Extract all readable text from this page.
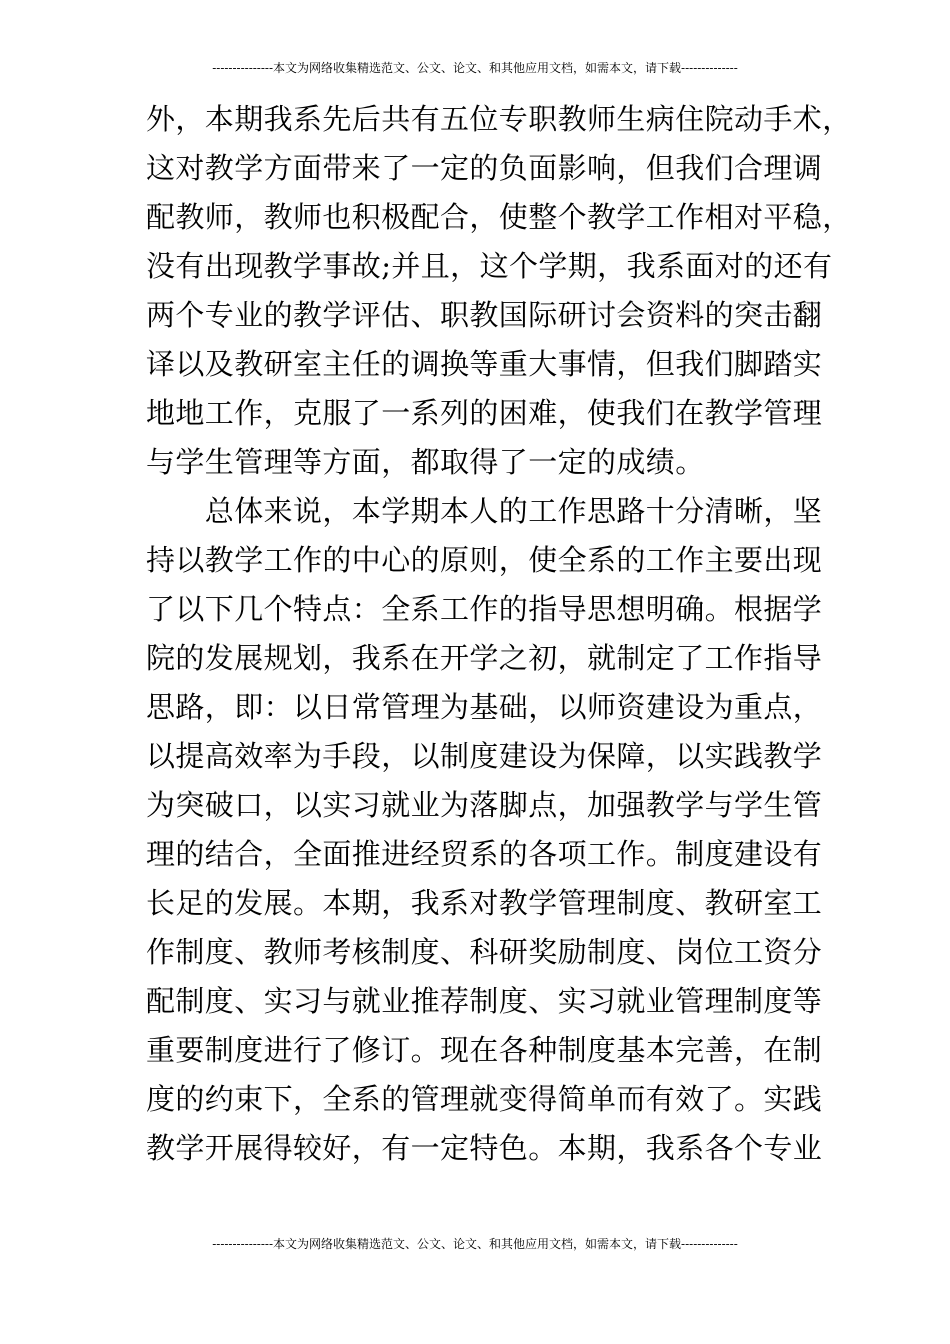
---------------本文为网络收集精选范文、公文、论文、和其他应用文档，如需本文，请下载--------------
外，本期我系先后共有五位专职教师生病住院动手术，
这对教学方面带来了一定的负面影响，但我们合理调
配教师，教师也积极配合，使整个教学工作相对平稳，
没有出现教学事故;并且，这个学期，我系面对的还有
两个专业的教学评估、职教国际研讨会资料的突击翻
译以及教研室主任的调换等重大事情，但我们脚踏实
地地工作，克服了一系列的困难，使我们在教学管理
与学生管理等方面，都取得了一定的成绩。
　　总体来说，本学期本人的工作思路十分清晰，坚
持以教学工作的中心的原则，使全系的工作主要出现
了以下几个特点：全系工作的指导思想明确。根据学
院的发展规划，我系在开学之初，就制定了工作指导
思路，即：以日常管理为基础，以师资建设为重点，
以提高效率为手段，以制度建设为保障，以实践教学
为突破口，以实习就业为落脚点，加强教学与学生管
理的结合，全面推进经贸系的各项工作。制度建设有
长足的发展。本期，我系对教学管理制度、教研室工
作制度、教师考核制度、科研奖励制度、岗位工资分
配制度、实习与就业推荐制度、实习就业管理制度等
重要制度进行了修订。现在各种制度基本完善，在制
度的约束下，全系的管理就变得简单而有效了。实践
教学开展得较好，有一定特色。本期，我系各个专业
---------------本文为网络收集精选范文、公文、论文、和其他应用文档，如需本文，请下载--------------
